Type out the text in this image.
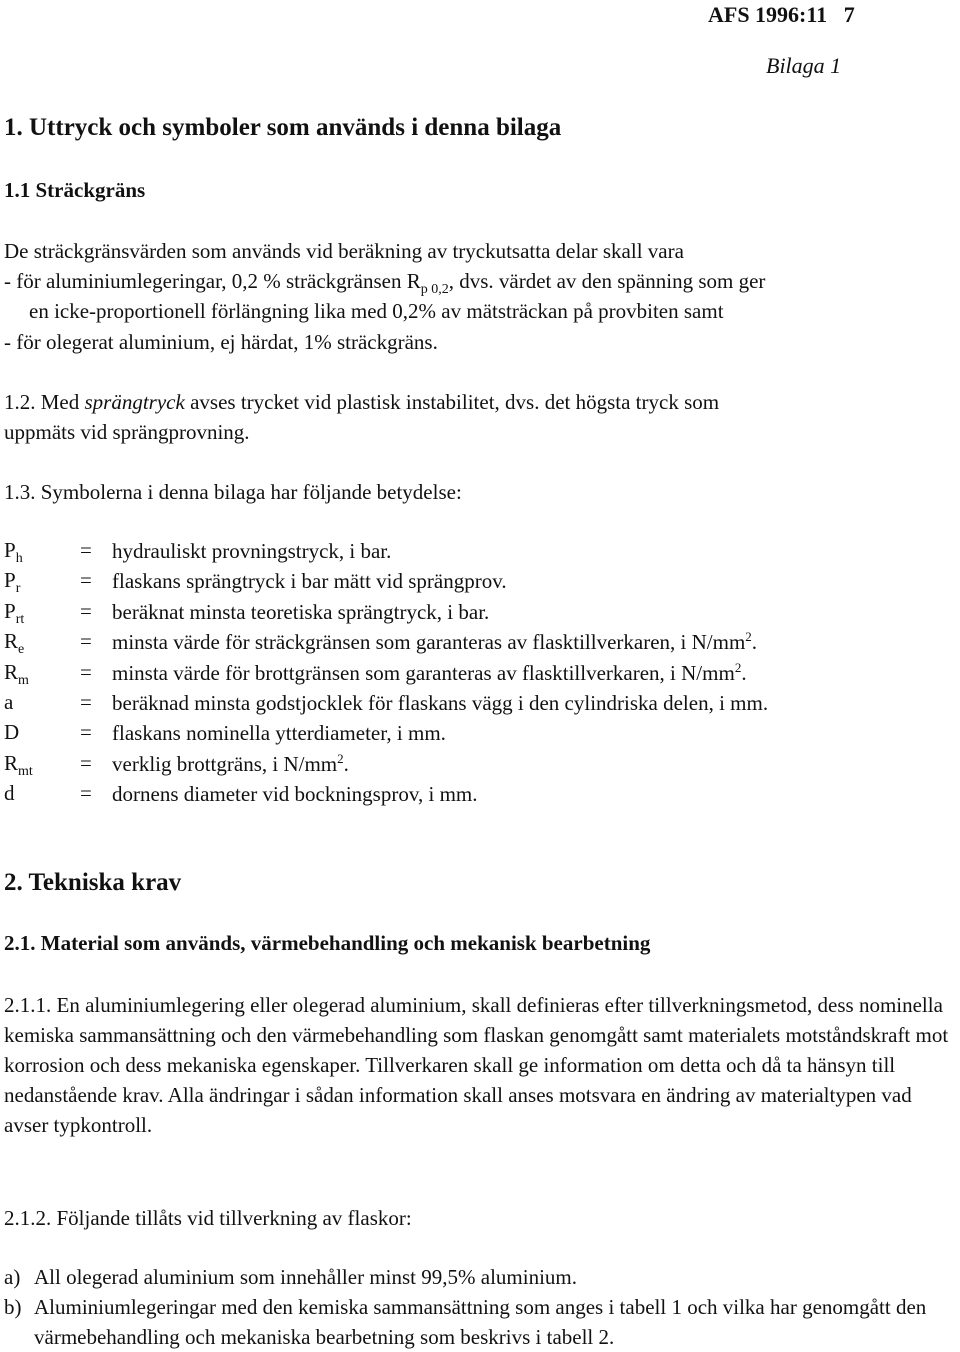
AFS 1996:11 7
Bilaga 1
1. Uttryck och symboler som används i denna bilaga
1.1 Sträckgräns
De sträckgränsvärden som används vid beräkning av tryckutsatta delar skall vara
- för aluminiumlegeringar, 0,2 % sträckgränsen $R_{p 0,2}$, dvs. värdet av den spänning som ger
en icke-proportionell förlängning lika med 0,2% av mätsträckan på provbiten samt
- för olegerat aluminium, ej härdat, 1% sträckgräns.
1.2. Med sprängtryck avses trycket vid plastisk instabilitet, dvs. det högsta tryck som
uppmäts vid sprängprovning.
1.3. Symbolerna i denna bilaga har följande betydelse:
$P_h$	= hydrauliskt provningstryck, i bar.
$P_r$	= flaskans sprängtryck i bar mätt vid sprängprov.
$P_{rt}$	= beräknat minsta teoretiska sprängtryck, i bar.
$R_e$	= minsta värde för sträckgränsen som garanteras av flasktillverkaren, i $N/mm^2$.
$R_m$ = minsta värde för brottgränsen som garanteras av flasktillverkaren, i $N/mm^2$.
a	= beräknad minsta godstjocklek för flaskans vägg i den cylindriska delen, i mm.
D	= flaskans nominella ytterdiameter, i mm.
$R_{mt}$ = verklig brottgräns, i $N/mm^2$.
d	= dornens diameter vid bockningsprov, i mm.
2. Tekniska krav
2.1. Material som används, värmebehandling och mekanisk bearbetning
2.1.1. En aluminiumlegering eller olegerad aluminium, skall definieras efter tillverkningsmetod, dess nominella kemiska sammansättning och den värmebehandling som flaskan genomgått samt materialets motståndskraft mot korrosion och dess mekaniska egenskaper. Tillverkaren skall ge information om detta och då ta hänsyn till nedanstående krav. Alla ändringar i sådan information skall anses motsvara en ändring av materialtypen vad avser typkontroll.
2.1.2. Följande tillåts vid tillverkning av flaskor:
a) All olegerad aluminium som innehåller minst 99,5% aluminium.
b) Aluminiumlegeringar med den kemiska sammansättning som anges i tabell 1 och vilka har genomgått den värmebehandling och mekaniska bearbetning som beskrivs i tabell 2.
